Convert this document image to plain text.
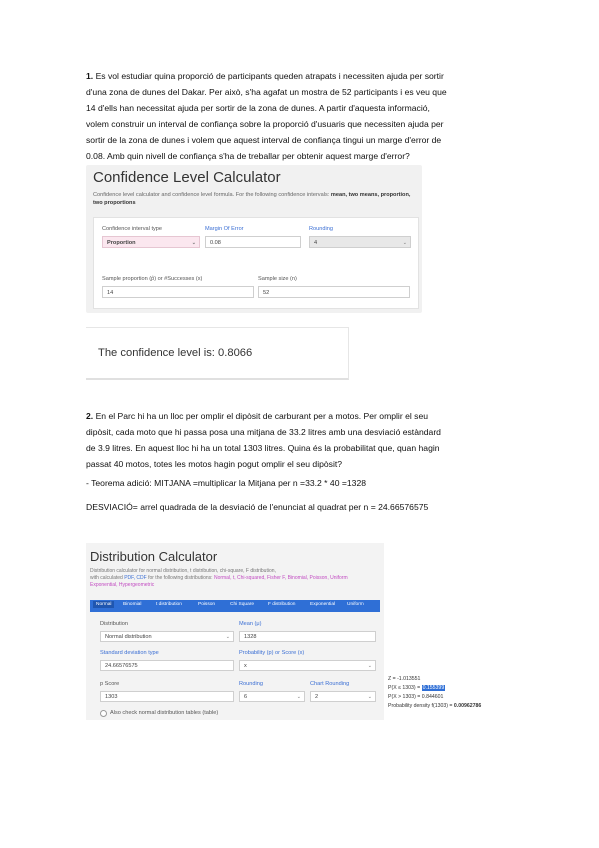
1. Es vol estudiar quina proporció de participants queden atrapats i necessiten ajuda per sortir
d'una zona de dunes del Dakar. Per això, s'ha agafat un mostra de 52 participants i es veu que
14 d'ells han necessitat ajuda per sortir de la zona de dunes. A partir d'aquesta informació,
volem construir un interval de confiança sobre la proporció d'usuaris que necessiten ajuda per
sortir de la zona de dunes i volem que aquest interval de confiança tingui un marge d'error de
0.08. Amb quin nivell de confiança s'ha de treballar per obtenir aquest marge d'error?
Confidence Level Calculator
Confidence level calculator and confidence level formula. For the following confidence intervals: mean, two means, proportion, two proportions
Confidence interval type
Proportion	⌄
Margin Of Error
0.08
Rounding
4	⌄
Sample proportion (p̂) or #Successes (x)
14
Sample size (n)
52
The confidence level is: 0.8066
2. En el Parc hi ha un lloc per omplir el dipòsit de carburant per a motos. Per omplir el seu
dipòsit, cada moto que hi passa posa una mitjana de 33.2 litres amb una desviació estàndard
de 3.9 litres. En aquest lloc hi ha un total 1303 litres. Quina és la probabilitat que, quan hagin
passat 40 motos, totes les motos hagin pogut omplir el seu dipòsit?
- Teorema adició: MITJANA =multiplicar la Mitjana per n =33.2 * 40 =1328
DESVIACIÓ= arrel quadrada de la desviació de l'enunciat al quadrat per n = 24.66576575
Distribution Calculator
Distribution calculator for normal distribution, t distribution, chi-square, F distribution,
with calculated PDF, CDF for the following distributions: Normal, t, Chi-squared, Fisher F, Binomial, Poisson, Uniform
Exponential, Hypergeometric
Normal	Binomial	t distribution	Poisson	Chi Square	F distribution	Exponential Uniform
Distribution
Normal distribution	⌄
Mean (μ)
1328
Standard deviation type
24.66576575
Probability (p) or Score (x)
x	⌄
p Score
1303
Rounding
6	⌄
Chart Rounding
2	⌄
Also check normal distribution tables (table)
Z = -1.013551
P(X ≤ 1303) = 0.155399
P(X > 1303) = 0.844601
Probability density f(1303) = 0.00962786
